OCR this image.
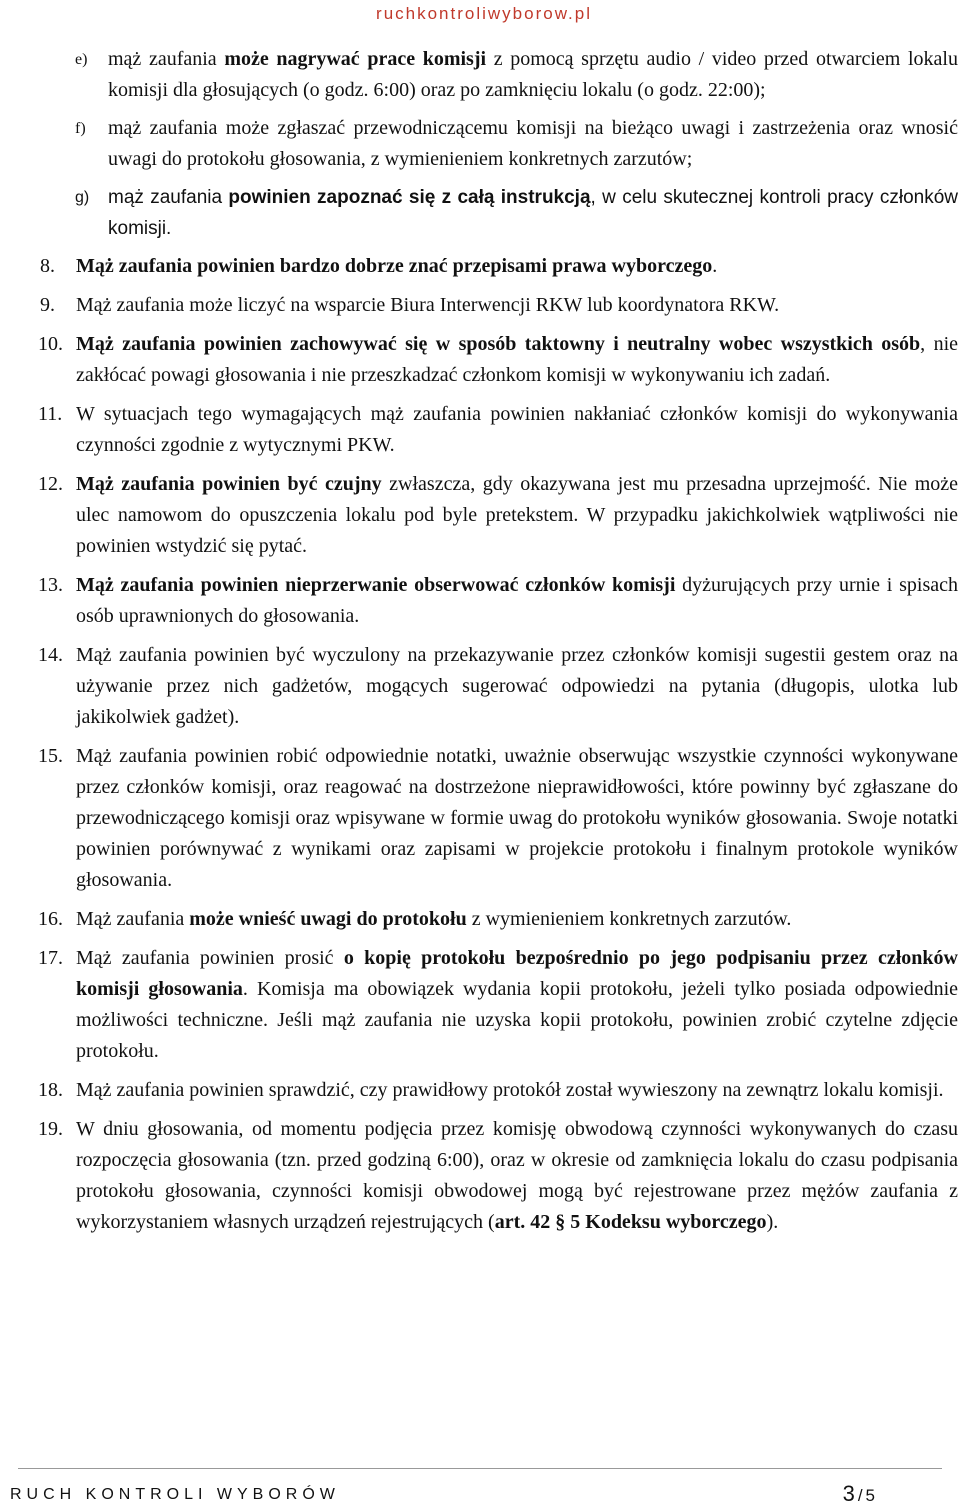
ruchkontroliwyborow.pl
e) mąż zaufania może nagrywać prace komisji z pomocą sprzętu audio / video przed otwarciem lokalu komisji dla głosujących (o godz. 6:00) oraz po zamknięciu lokalu (o godz. 22:00);
f) mąż zaufania może zgłaszać przewodniczącemu komisji na bieżąco uwagi i zastrzeżenia oraz wnosić uwagi do protokołu głosowania, z wymienieniem konkretnych zarzutów;
g) mąż zaufania powinien zapoznać się z całą instrukcją, w celu skutecznej kontroli pracy członków komisji.
8. Mąż zaufania powinien bardzo dobrze znać przepisami prawa wyborczego.
9. Mąż zaufania może liczyć na wsparcie Biura Interwencji RKW lub koordynatora RKW.
10. Mąż zaufania powinien zachowywać się w sposób taktowny i neutralny wobec wszystkich osób, nie zakłócać powagi głosowania i nie przeszkadzać członkom komisji w wykonywaniu ich zadań.
11. W sytuacjach tego wymagających mąż zaufania powinien nakłaniać członków komisji do wykonywania czynności zgodnie z wytycznymi PKW.
12. Mąż zaufania powinien być czujny zwłaszcza, gdy okazywana jest mu przesadna uprzejmość. Nie może ulec namowom do opuszczenia lokalu pod byle pretekstem. W przypadku jakichkolwiek wątpliwości nie powinien wstydzić się pytać.
13. Mąż zaufania powinien nieprzerwanie obserwować członków komisji dyżurujących przy urnie i spisach osób uprawnionych do głosowania.
14. Mąż zaufania powinien być wyczulony na przekazywanie przez członków komisji sugestii gestem oraz na używanie przez nich gadżetów, mogących sugerować odpowiedzi na pytania (długopis, ulotka lub jakikolwiek gadżet).
15. Mąż zaufania powinien robić odpowiednie notatki, uważnie obserwując wszystkie czynności wykonywane przez członków komisji, oraz reagować na dostrzeżone nieprawidłowości, które powinny być zgłaszane do przewodniczącego komisji oraz wpisywane w formie uwag do protokołu wyników głosowania. Swoje notatki powinien porównywać z wynikami oraz zapisami w projekcie protokołu i finalnym protokole wyników głosowania.
16. Mąż zaufania może wnieść uwagi do protokołu z wymienieniem konkretnych zarzutów.
17. Mąż zaufania powinien prosić o kopię protokołu bezpośrednio po jego podpisaniu przez członków komisji głosowania. Komisja ma obowiązek wydania kopii protokołu, jeżeli tylko posiada odpowiednie możliwości techniczne. Jeśli mąż zaufania nie uzyska kopii protokołu, powinien zrobić czytelne zdjęcie protokołu.
18. Mąż zaufania powinien sprawdzić, czy prawidłowy protokół został wywieszony na zewnątrz lokalu komisji.
19. W dniu głosowania, od momentu podjęcia przez komisję obwodową czynności wykonywanych do czasu rozpoczęcia głosowania (tzn. przed godziną 6:00), oraz w okresie od zamknięcia lokalu do czasu podpisania protokołu głosowania, czynności komisji obwodowej mogą być rejestrowane przez mężów zaufania z wykorzystaniem własnych urządzeń rejestrujących (art. 42 § 5 Kodeksu wyborczego).
RUCH KONTROLI WYBORÓW	3/5
